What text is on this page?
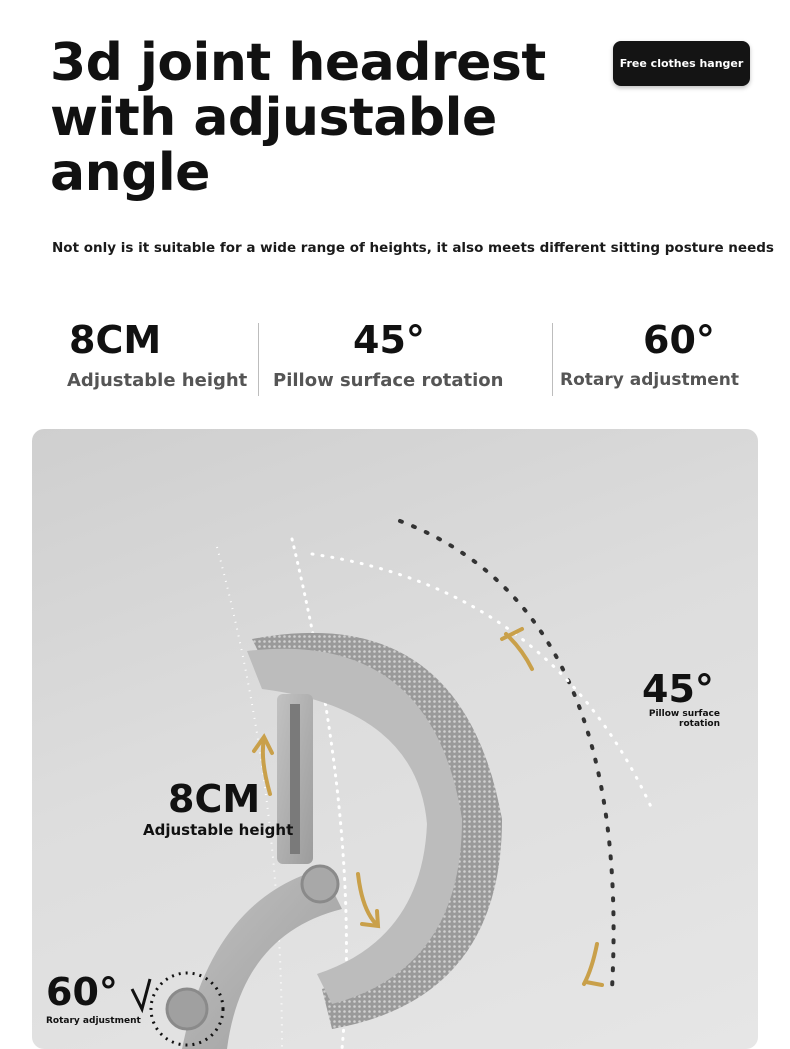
3d joint headrest
with adjustable
angle
Free clothes hanger

Not only is it suitable for a wide range of heights, it also meets different sitting posture needs

8CM
Adjustable height
45°
Pillow surface rotation
60°
Rotary adjustment
8CM
Adjustable height
45°
Pillow surface
rotation
60°
Rotary adjustment
